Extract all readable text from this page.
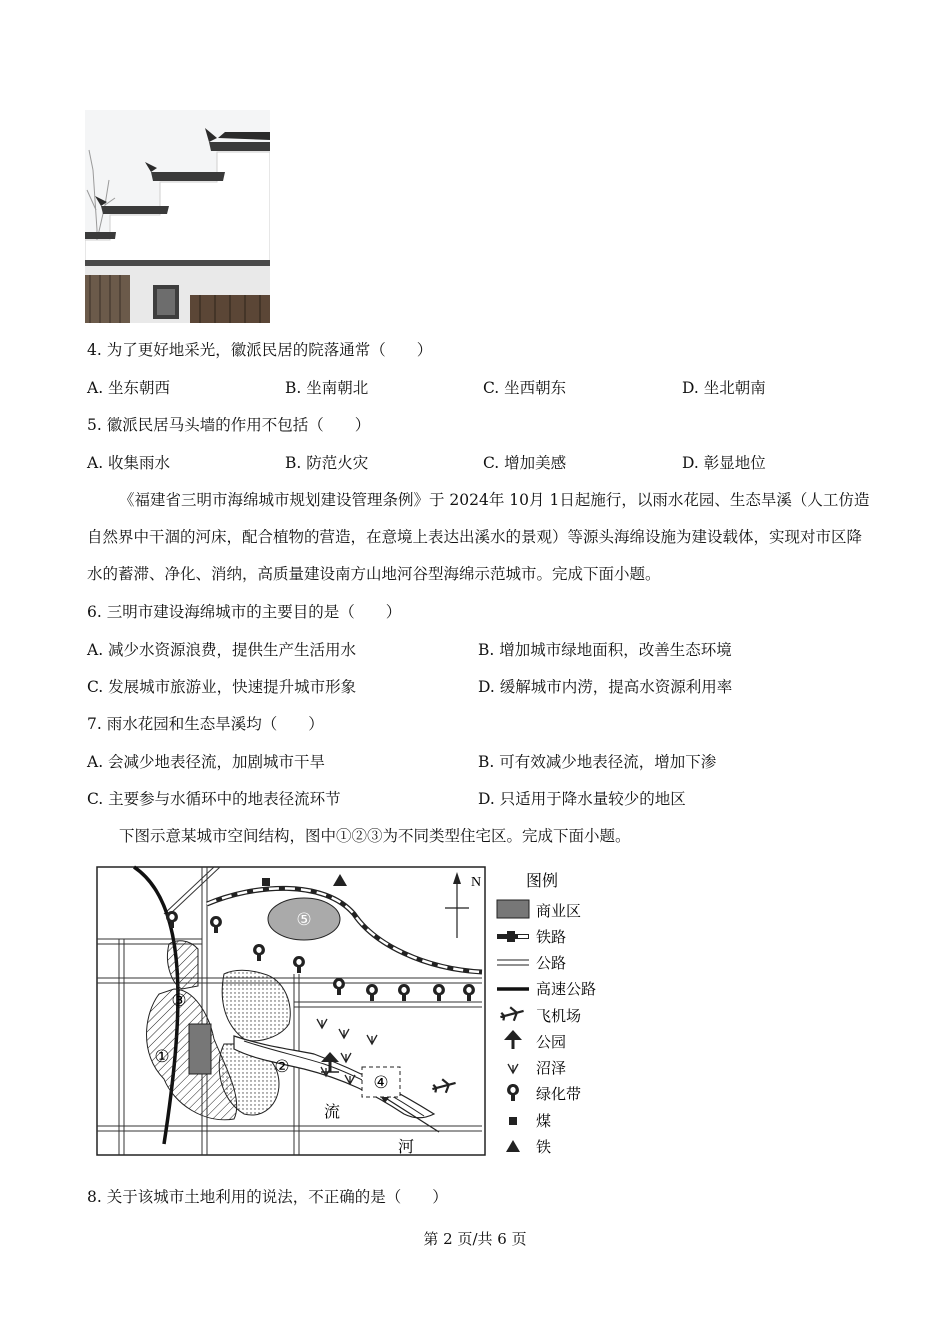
4. 为了更好地采光，徽派民居的院落通常（　　）
A. 坐东朝西	B. 坐南朝北	C. 坐西朝东	D. 坐北朝南
5. 徽派民居马头墙的作用不包括（　　）
A. 收集雨水	B. 防范火灾	C. 增加美感	D. 彰显地位
《福建省三明市海绵城市规划建设管理条例》于 2024年 10月 1日起施行，以雨水花园、生态旱溪（人工仿造自然界中干涸的河床，配合植物的营造，在意境上表达出溪水的景观）等源头海绵设施为建设载体，实现对市区降水的蓄滞、净化、消纳，高质量建设南方山地河谷型海绵示范城市。完成下面小题。
6. 三明市建设海绵城市的主要目的是（　　）
A. 减少水资源浪费，提供生产生活用水	B. 增加城市绿地面积，改善生态环境
C. 发展城市旅游业，快速提升城市形象	D. 缓解城市内涝，提高水资源利用率
7. 雨水花园和生态旱溪均（　　）
A. 会减少地表径流，加剧城市干旱	B. 可有效减少地表径流，增加下渗
C. 主要参与水循环中的地表径流环节	D. 只适用于降水量较少的地区
下图示意某城市空间结构，图中①②③为不同类型住宅区。完成下面小题。
⑤
③
①
②
④
流
河
N	图例
商业区
铁路
公路
高速公路
飞机场
公园
沼泽
绿化带
煤
铁
8. 关于该城市土地利用的说法，不正确的是（　　）
第 2 页/共 6 页
